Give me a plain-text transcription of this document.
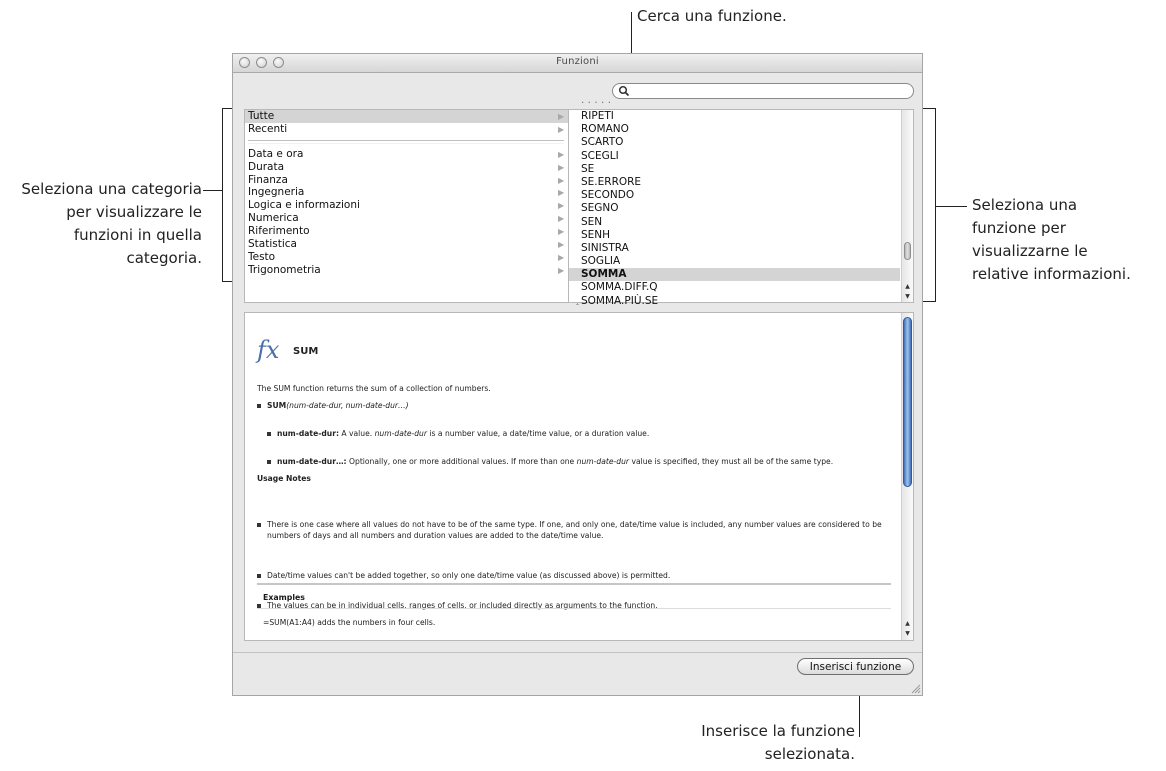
Cerca una funzione.
Seleziona una categoria
per visualizzare le
funzioni in quella
categoria.
Seleziona una
funzione per
visualizzarne le
relative informazioni.
Inserisce la funzione
selezionata.
Funzioni
Tutte	▶
Recenti	▶
Data e ora	▶
Durata	▶
Finanza	▶
Ingegneria	▶
Logica e informazioni	▶
Numerica	▶
Riferimento	▶
Statistica	▶
Testo	▶
Trigonometria	▶
· · · · ·
RIPETI
ROMANO
SCARTO
SCEGLI
SE
SE.ERRORE
SECONDO
SEGNO
SEN
SENH
SINISTRA
SOGLIA
SOMMA
SOMMA.DIFF.Q
SOMMA.PIÙ.SE
▲
▼
⌃
fx SUM
The SUM function returns the sum of a collection of numbers.
SUM(num-date-dur, num-date-dur…)
num-date-dur: A value. num-date-dur is a number value, a date/time value, or a duration value.
num-date-dur…: Optionally, one or more additional values. If more than one num-date-dur value is specified, they must all be of the same type.
Usage Notes
There is one case where all values do not have to be of the same type. If one, and only one, date/time value is included, any number values are considered to be numbers of days and all numbers and duration values are added to the date/time value.
Date/time values can't be added together, so only one date/time value (as discussed above) is permitted.
The values can be in individual cells, ranges of cells, or included directly as arguments to the function.
Examples
=SUM(A1:A4) adds the numbers in four cells.	▲
▼
Inserisci funzione
